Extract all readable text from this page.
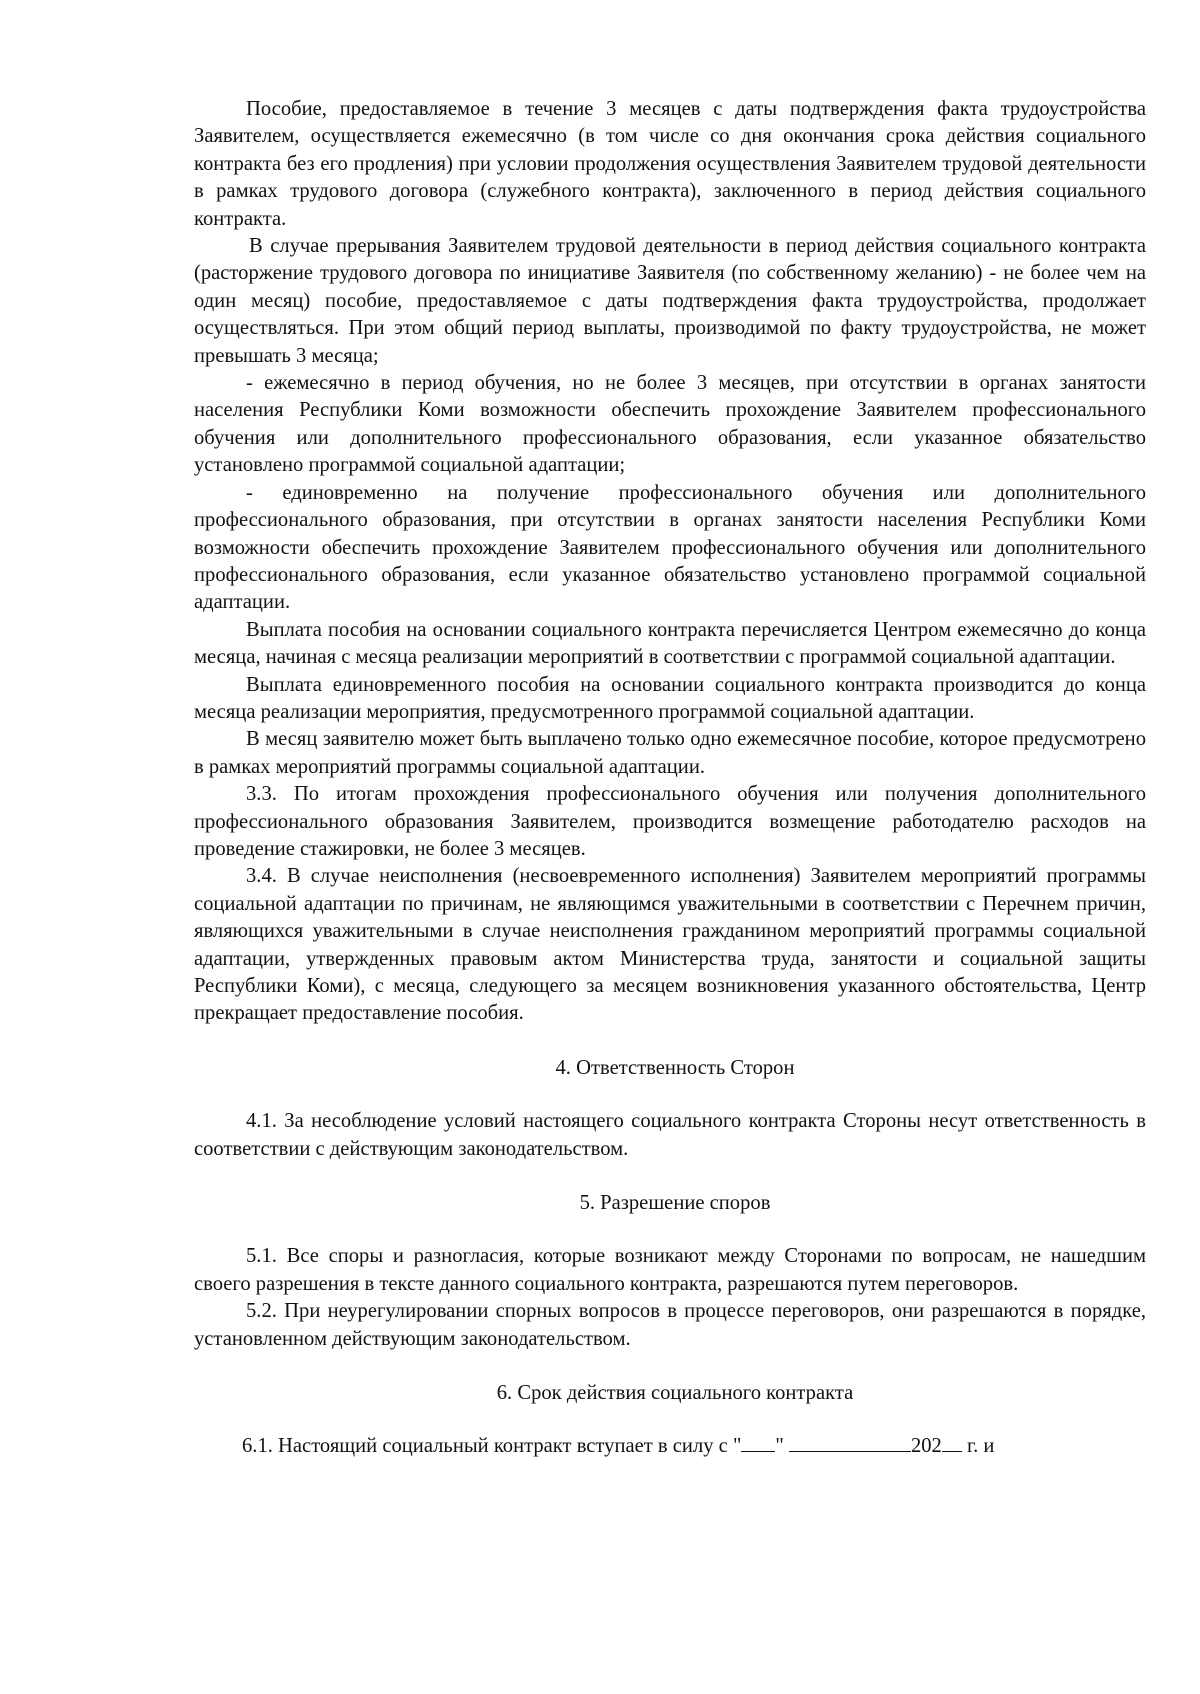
Пособие, предоставляемое в течение 3 месяцев с даты подтверждения факта трудоустройства Заявителем, осуществляется ежемесячно (в том числе со дня окончания срока действия социального контракта без его продления) при условии продолжения осуществления Заявителем трудовой деятельности в рамках трудового договора (служебного контракта), заключенного в период действия социального контракта.

В случае прерывания Заявителем трудовой деятельности в период действия социального контракта (расторжение трудового договора по инициативе Заявителя (по собственному желанию) - не более чем на один месяц) пособие, предоставляемое с даты подтверждения факта трудоустройства, продолжает осуществляться. При этом общий период выплаты, производимой по факту трудоустройства, не может превышать 3 месяца;

- ежемесячно в период обучения, но не более 3 месяцев, при отсутствии в органах занятости населения Республики Коми возможности обеспечить прохождение Заявителем профессионального обучения или дополнительного профессионального образования, если указанное обязательство установлено программой социальной адаптации;

- единовременно на получение профессионального обучения или дополнительного профессионального образования, при отсутствии в органах занятости населения Республики Коми возможности обеспечить прохождение Заявителем профессионального обучения или дополнительного профессионального образования, если указанное обязательство установлено программой социальной адаптации.

Выплата пособия на основании социального контракта перечисляется Центром ежемесячно до конца месяца, начиная с месяца реализации мероприятий в соответствии с программой социальной адаптации.

Выплата единовременного пособия на основании социального контракта производится до конца месяца реализации мероприятия, предусмотренного программой социальной адаптации.

В месяц заявителю может быть выплачено только одно ежемесячное пособие, которое предусмотрено в рамках мероприятий программы социальной адаптации.

3.3. По итогам прохождения профессионального обучения или получения дополнительного профессионального образования Заявителем, производится возмещение работодателю расходов на проведение стажировки, не более 3 месяцев.

3.4. В случае неисполнения (несвоевременного исполнения) Заявителем мероприятий программы социальной адаптации по причинам, не являющимся уважительными в соответствии с Перечнем причин, являющихся уважительными в случае неисполнения гражданином мероприятий программы социальной адаптации, утвержденных правовым актом Министерства труда, занятости и социальной защиты Республики Коми), с месяца, следующего за месяцем возникновения указанного обстоятельства, Центр прекращает предоставление пособия.

4. Ответственность Сторон

4.1. За несоблюдение условий настоящего социального контракта Стороны несут ответственность в соответствии с действующим законодательством.

5. Разрешение споров

5.1. Все споры и разногласия, которые возникают между Сторонами по вопросам, не нашедшим своего разрешения в тексте данного социального контракта, разрешаются путем переговоров.

5.2. При неурегулировании спорных вопросов в процессе переговоров, они разрешаются в порядке, установленном действующим законодательством.

6. Срок действия социального контракта

6.1. Настоящий социальный контракт вступает в силу с " "	202 г. и
